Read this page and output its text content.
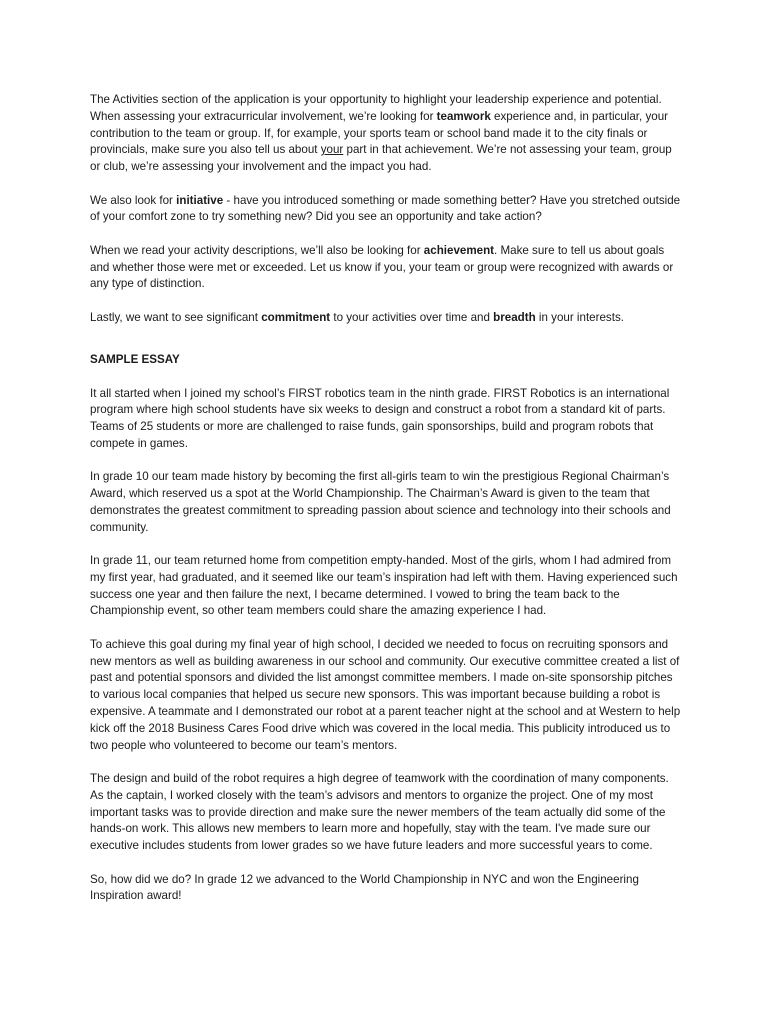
The Activities section of the application is your opportunity to highlight your leadership experience and potential. When assessing your extracurricular involvement, we’re looking for teamwork experience and, in particular, your contribution to the team or group. If, for example, your sports team or school band made it to the city finals or provincials, make sure you also tell us about your part in that achievement. We’re not assessing your team, group or club, we’re assessing your involvement and the impact you had.

We also look for initiative - have you introduced something or made something better? Have you stretched outside of your comfort zone to try something new? Did you see an opportunity and take action?

When we read your activity descriptions, we’ll also be looking for achievement. Make sure to tell us about goals and whether those were met or exceeded. Let us know if you, your team or group were recognized with awards or any type of distinction.

Lastly, we want to see significant commitment to your activities over time and breadth in your interests.

SAMPLE ESSAY

It all started when I joined my school’s FIRST robotics team in the ninth grade. FIRST Robotics is an international program where high school students have six weeks to design and construct a robot from a standard kit of parts. Teams of 25 students or more are challenged to raise funds, gain sponsorships, build and program robots that compete in games.

In grade 10 our team made history by becoming the first all-girls team to win the prestigious Regional Chairman’s Award, which reserved us a spot at the World Championship. The Chairman’s Award is given to the team that demonstrates the greatest commitment to spreading passion about science and technology into their schools and community.

In grade 11, our team returned home from competition empty-handed. Most of the girls, whom I had admired from my first year, had graduated, and it seemed like our team’s inspiration had left with them. Having experienced such success one year and then failure the next, I became determined. I vowed to bring the team back to the Championship event, so other team members could share the amazing experience I had.

To achieve this goal during my final year of high school, I decided we needed to focus on recruiting sponsors and new mentors as well as building awareness in our school and community. Our executive committee created a list of past and potential sponsors and divided the list amongst committee members. I made on-site sponsorship pitches to various local companies that helped us secure new sponsors. This was important because building a robot is expensive. A teammate and I demonstrated our robot at a parent teacher night at the school and at Western to help kick off the 2018 Business Cares Food drive which was covered in the local media. This publicity introduced us to two people who volunteered to become our team’s mentors.

The design and build of the robot requires a high degree of teamwork with the coordination of many components. As the captain, I worked closely with the team’s advisors and mentors to organize the project. One of my most important tasks was to provide direction and make sure the newer members of the team actually did some of the hands-on work. This allows new members to learn more and hopefully, stay with the team. I've made sure our executive includes students from lower grades so we have future leaders and more successful years to come.

So, how did we do? In grade 12 we advanced to the World Championship in NYC and won the Engineering Inspiration award!
